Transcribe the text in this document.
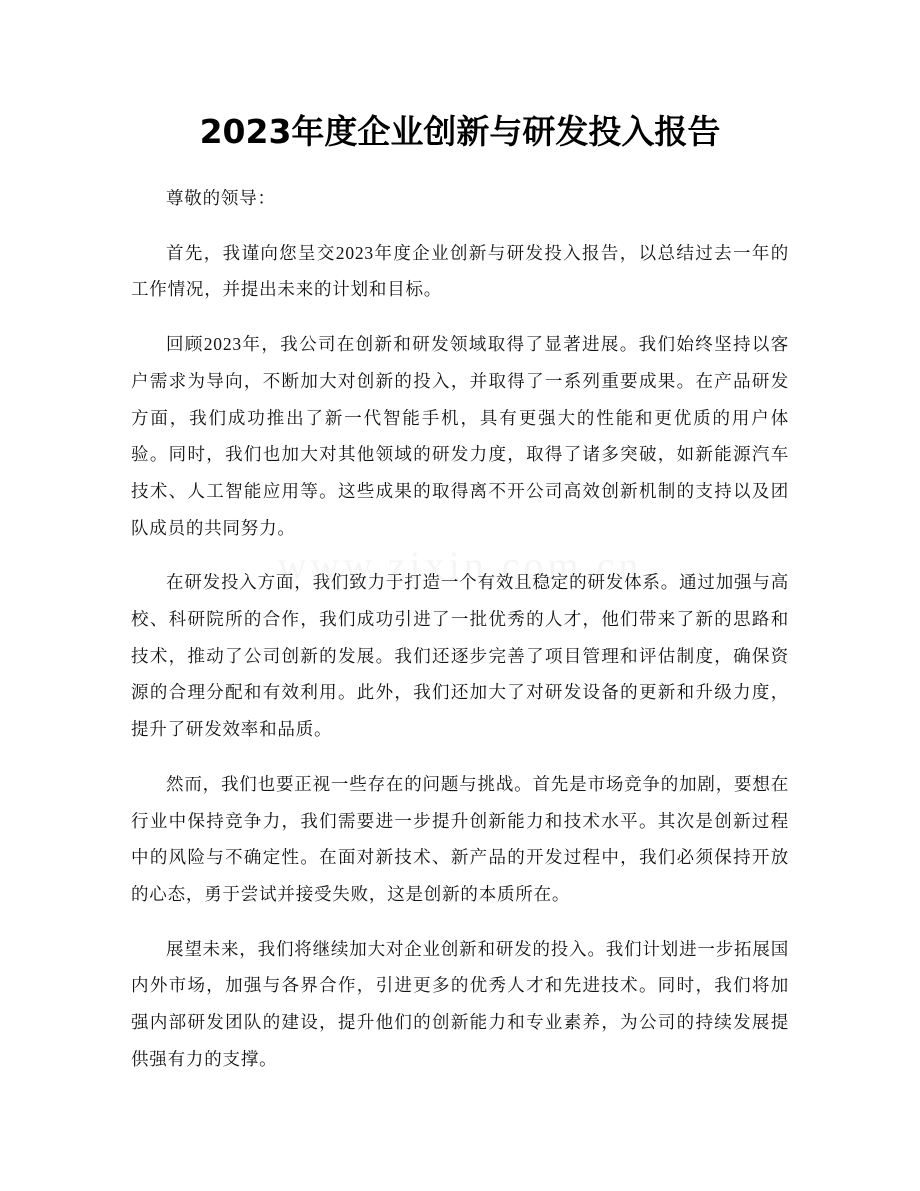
2023年度企业创新与研发投入报告

尊敬的领导：

首先，我谨向您呈交2023年度企业创新与研发投入报告，以总结过去一年的工作情况，并提出未来的计划和目标。

回顾2023年，我公司在创新和研发领域取得了显著进展。我们始终坚持以客户需求为导向，不断加大对创新的投入，并取得了一系列重要成果。在产品研发方面，我们成功推出了新一代智能手机，具有更强大的性能和更优质的用户体验。同时，我们也加大对其他领域的研发力度，取得了诸多突破，如新能源汽车技术、人工智能应用等。这些成果的取得离不开公司高效创新机制的支持以及团队成员的共同努力。

在研发投入方面，我们致力于打造一个有效且稳定的研发体系。通过加强与高校、科研院所的合作，我们成功引进了一批优秀的人才，他们带来了新的思路和技术，推动了公司创新的发展。我们还逐步完善了项目管理和评估制度，确保资源的合理分配和有效利用。此外，我们还加大了对研发设备的更新和升级力度，提升了研发效率和品质。

然而，我们也要正视一些存在的问题与挑战。首先是市场竞争的加剧，要想在行业中保持竞争力，我们需要进一步提升创新能力和技术水平。其次是创新过程中的风险与不确定性。在面对新技术、新产品的开发过程中，我们必须保持开放的心态，勇于尝试并接受失败，这是创新的本质所在。

展望未来，我们将继续加大对企业创新和研发的投入。我们计划进一步拓展国内外市场，加强与各界合作，引进更多的优秀人才和先进技术。同时，我们将加强内部研发团队的建设，提升他们的创新能力和专业素养，为公司的持续发展提供强有力的支撑。
